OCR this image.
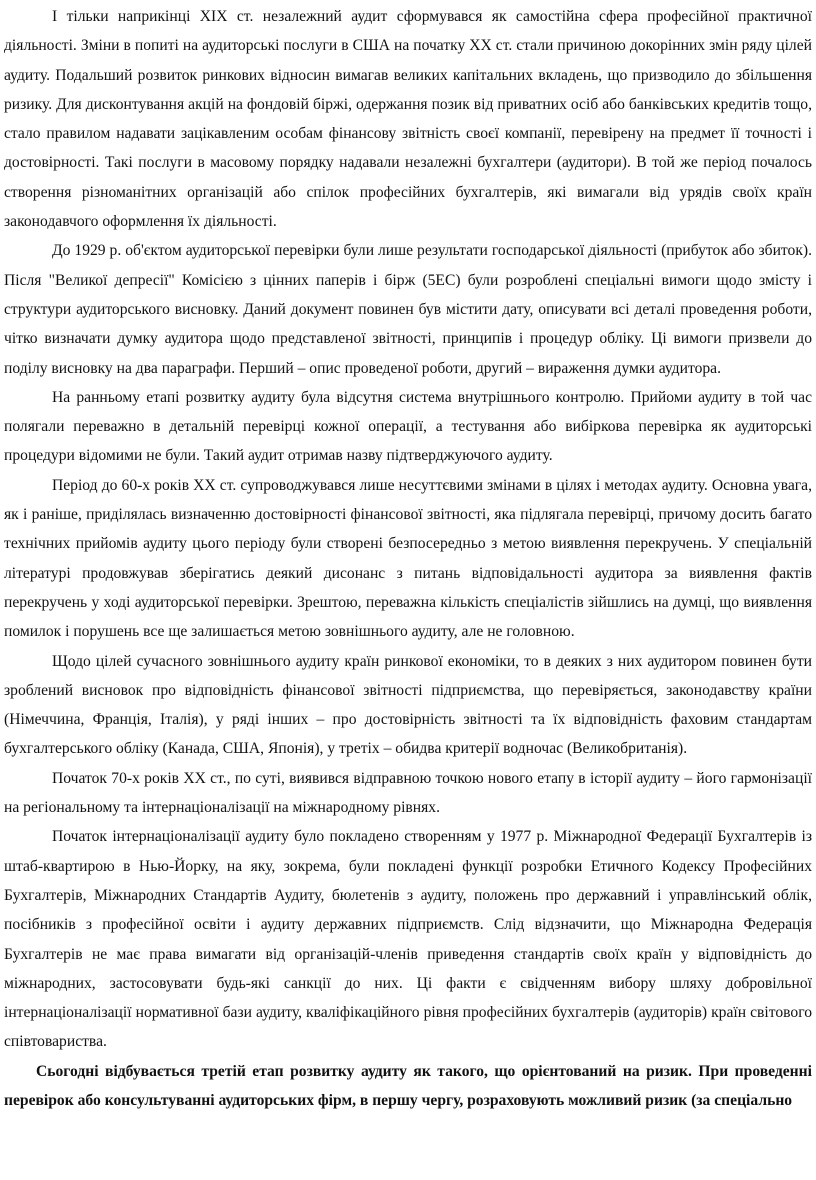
І тільки наприкінці XIX ст. незалежний аудит сформувався як самостійна сфера професійної практичної діяльності. Зміни в попиті на аудиторські послуги в США на початку XX ст. стали причиною докорінних змін ряду цілей аудиту. Подальший розвиток ринкових відносин вимагав великих капітальних вкладень, що призводило до збільшення ризику. Для дисконтування акцій на фондовій біржі, одержання позик від приватних осіб або банківських кредитів тощо, стало правилом надавати зацікавленим особам фінансову звітність своєї компанії, перевірену на предмет її точності і достовірності. Такі послуги в масовому порядку надавали незалежні бухгалтери (аудитори). В той же період почалось створення різноманітних організацій або спілок професійних бухгалтерів, які вимагали від урядів своїх країн законодавчого оформлення їх діяльності.

До 1929 р. об'єктом аудиторської перевірки були лише результати господарської діяльності (прибуток або збиток). Після "Великої депресії" Комісією з цінних паперів і бірж (5ЕС) були розроблені спеціальні вимоги щодо змісту і структури аудиторського висновку. Даний документ повинен був містити дату, описувати всі деталі проведення роботи, чітко визначати думку аудитора щодо представленої звітності, принципів і процедур обліку. Ці вимоги призвели до поділу висновку на два параграфи. Перший – опис проведеної роботи, другий – вираження думки аудитора.

На ранньому етапі розвитку аудиту була відсутня система внутрішнього контролю. Прийоми аудиту в той час полягали переважно в детальній перевірці кожної операції, а тестування або вибіркова перевірка як аудиторські процедури відомими не були. Такий аудит отримав назву підтверджуючого аудиту.

Період до 60-х років XX ст. супроводжувався лише несуттєвими змінами в цілях і методах аудиту. Основна увага, як і раніше, приділялась визначенню достовірності фінансової звітності, яка підлягала перевірці, причому досить багато технічних прийомів аудиту цього періоду були створені безпосередньо з метою виявлення перекручень. У спеціальній літературі продовжував зберігатись деякий дисонанс з питань відповідальності аудитора за виявлення фактів перекручень у ході аудиторської перевірки. Зрештою, переважна кількість спеціалістів зійшлись на думці, що виявлення помилок і порушень все ще залишається метою зовнішнього аудиту, але не головною.

Щодо цілей сучасного зовнішнього аудиту країн ринкової економіки, то в деяких з них аудитором повинен бути зроблений висновок про відповідність фінансової звітності підприємства, що перевіряється, законодавству країни (Німеччина, Франція, Італія), у ряді інших – про достовірність звітності та їх відповідність фаховим стандартам бухгалтерського обліку (Канада, США, Японія), у третіх – обидва критерії водночас (Великобританія).

Початок 70-х років XX ст., по суті, виявився відправною точкою нового етапу в історії аудиту – його гармонізації на регіональному та інтернаціоналізації на міжнародному рівнях.

Початок інтернаціоналізації аудиту було покладено створенням у 1977 р. Міжнародної Федерації Бухгалтерів із штаб-квартирою в Нью-Йорку, на яку, зокрема, були покладені функції розробки Етичного Кодексу Професійних Бухгалтерів, Міжнародних Стандартів Аудиту, бюлетенів з аудиту, положень про державний і управлінський облік, посібників з професійної освіти і аудиту державних підприємств. Слід відзначити, що Міжнародна Федерація Бухгалтерів не має права вимагати від організацій-членів приведення стандартів своїх країн у відповідність до міжнародних, застосовувати будь-які санкції до них. Ці факти є свідченням вибору шляху добровільної інтернаціоналізації нормативної бази аудиту, кваліфікаційного рівня професійних бухгалтерів (аудиторів) країн світового співтовариства.

Сьогодні відбувається третій етап розвитку аудиту як такого, що орієнтований на ризик. При проведенні перевірок або консультуванні аудиторських фірм, в першу чергу, розраховують можливий ризик (за спеціально
